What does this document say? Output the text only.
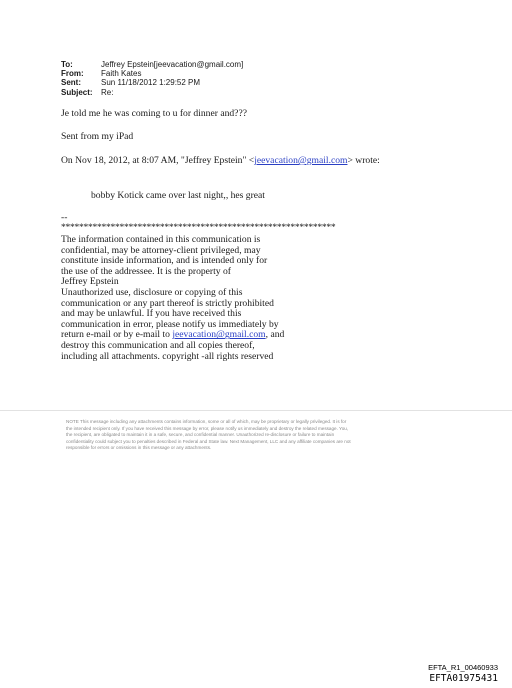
To:	Jeffrey Epstein[jeevacation@gmail.com]
From:	Faith Kates
Sent:	Sun 11/18/2012 1:29:52 PM
Subject:	Re:

Je told me he was coming to u for dinner and???

Sent from my iPad

On Nov 18, 2012, at 8:07 AM, "Jeffrey Epstein" <jeevacation@gmail.com> wrote:

bobby Kotick came over last night,, hes great

--

*************************************************************

The information contained in this communication is

confidential, may be attorney-client privileged, may

constitute inside information, and is intended only for

the use of the addressee. It is the property of

Jeffrey Epstein

Unauthorized use, disclosure or copying of this

communication or any part thereof is strictly prohibited

and may be unlawful. If you have received this

communication in error, please notify us immediately by

return e-mail or by e-mail to jeevacation@gmail.com, and

destroy this communication and all copies thereof,

including all attachments. copyright -all rights reserved

NOTE This message including any attachments contains information, some or all of which, may be proprietary or legally privileged. It is for

the intended recipient only. If you have received this message by error, please notify us immediately and destroy the related message. You,

the recipient, are obligated to maintain it in a safe, secure, and confidential manner. Unauthorized re-disclosure or failure to maintain

confidentiality could subject you to penalties described in Federal and State law. Next Management, LLC and any affiliate companies are not

responsible for errors or omissions in this message or any attachments.

EFTA_R1_00460933
EFTA01975431
